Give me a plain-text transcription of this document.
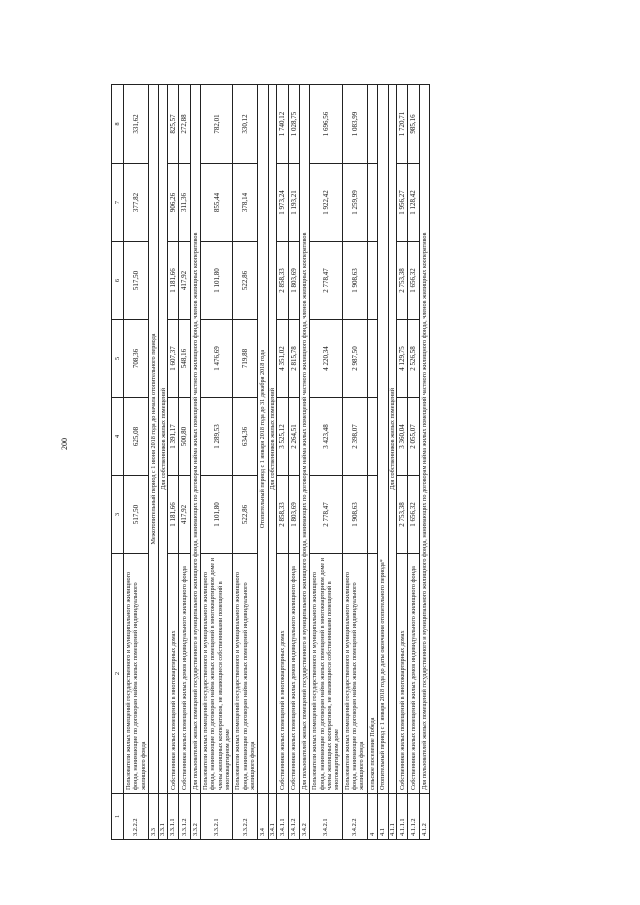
200
1	2	3	4	5	6	7	8
3.2.2.2	Пользователи жилых помещений государственного и муниципального жилищного фонда, нанимающие по договорам найма жилых помещений индивидуального жилищного фонда	517,50	625,08	708,36	517,50	377,82	331,62
3.3	Межотопительный период с 1 июня 2018 года до начала отопительного периода						
3.3.1	Для собственников жилых помещений						
3.3.1.1	Собственники жилых помещений в многоквартирных домах	1 181,66	1 391,17	1 607,37	1 181,66	906,26	825,57
3.3.1.2	Собственники жилых помещений жилых домов индивидуального жилищного фонда	417,92	500,80	548,16	417,92	311,36	272,88
3.3.2	Для пользователей жилых помещений государственного и муниципального жилищного фонда, нанимающих по договорам найма жилых помещений частного жилищного фонда, членов жилищных кооперативов						
3.3.2.1	Пользователи жилых помещений государственного и муниципального жилищного фонда, нанимающие по договорам найма жилых помещений в многоквартирном доме и члены жилищных кооперативов, не являющиеся собственниками помещений в многоквартирном доме	1 101,80	1 289,53	1 476,69	1 101,80	855,44	782,01
3.3.2.2	Пользователи жилых помещений государственного и муниципального жилищного фонда, нанимающие по договорам найма жилых помещений индивидуального жилищного фонда	522,86	634,36	719,88	522,86	378,14	330,12
3.4	Отопительный период с 1 января 2018 года до 31 декабря 2018 года						
3.4.1	Для собственников жилых помещений						
3.4.1.1	Собственники жилых помещений в многоквартирных домах	2 858,33	3 525,12	4 351,02	2 858,33	1 973,24	1 740,12
3.4.1.2	Собственники жилых помещений жилых домов индивидуального жилищного фонда	1 803,69	2 264,51	2 815,78	1 803,69	1 193,21	1 028,75
3.4.2	Для пользователей жилых помещений государственного и муниципального жилищного фонда, нанимающих по договорам найма жилых помещений частного жилищного фонда, членов жилищных кооперативов						
3.4.2.1	Пользователи жилых помещений государственного и муниципального жилищного фонда, нанимающие по договорам найма жилых помещений в многоквартирном доме и члены жилищных кооперативов, не являющиеся собственниками помещений в многоквартирном доме	2 778,47	3 423,48	4 220,34	2 778,47	1 922,42	1 696,56
3.4.2.2	Пользователи жилых помещений государственного и муниципального жилищного фонда, нанимающие по договорам найма жилых помещений индивидуального жилищного фонда	1 908,63	2 398,07	2 987,50	1 908,63	1 259,99	1 083,99
4	сельское поселение Победа						
4.1	Отопительный период с 1 января 2018 года до даты окончания отопительного периода*						
4.1.1	Для собственников жилых помещений						
4.1.1.1	Собственники жилых помещений в многоквартирных домах	2 753,38	3 360,04	4 129,75	2 753,38	1 956,27	1 720,71
4.1.1.2	Собственники жилых помещений жилых домов индивидуального жилищного фонда	1 656,32	2 055,07	2 526,58	1 656,32	1 128,42	985,16
4.1.2	Для пользователей жилых помещений государственного и муниципального жилищного фонда, нанимающих по договорам найма жилых помещений частного жилищного фонда, членов жилищных кооперативов						
